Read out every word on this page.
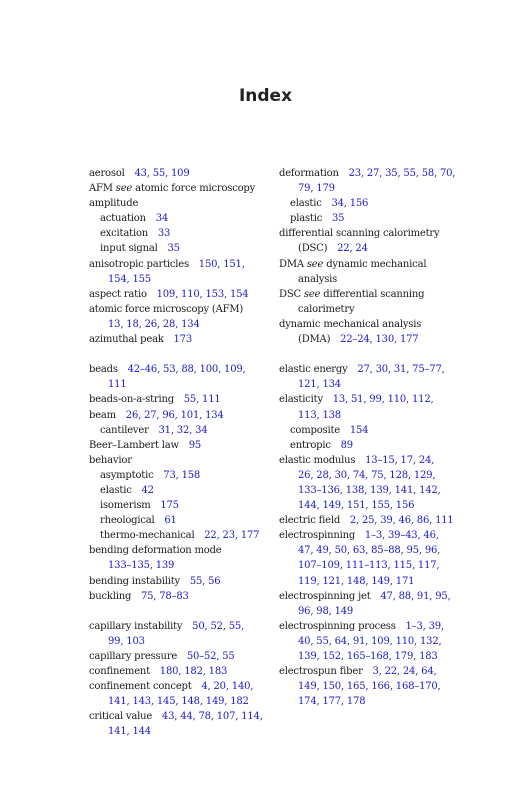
Index
aerosol  43, 55, 109
AFM see atomic force microscopy
amplitude
actuation  34
excitation  33
input signal  35
anisotropic particles  150, 151,
154, 155
aspect ratio  109, 110, 153, 154
atomic force microscopy (AFM)
13, 18, 26, 28, 134
azimuthal peak  173
beads  42–46, 53, 88, 100, 109,
111
beads-on-a-string  55, 111
beam  26, 27, 96, 101, 134
cantilever  31, 32, 34
Beer–Lambert law  95
behavior
asymptotic  73, 158
elastic  42
isomerism  175
rheological  61
thermo-mechanical  22, 23, 177
bending deformation mode
133–135, 139
bending instability  55, 56
buckling  75, 78–83
capillary instability  50, 52, 55,
99, 103
capillary pressure  50–52, 55
confinement  180, 182, 183
confinement concept  4, 20, 140,
141, 143, 145, 148, 149, 182
critical value  43, 44, 78, 107, 114,
141, 144
deformation  23, 27, 35, 55, 58, 70,
79, 179
elastic  34, 156
plastic  35
differential scanning calorimetry
(DSC)  22, 24
DMA see dynamic mechanical
analysis
DSC see differential scanning
calorimetry
dynamic mechanical analysis
(DMA)  22–24, 130, 177
elastic energy  27, 30, 31, 75–77,
121, 134
elasticity  13, 51, 99, 110, 112,
113, 138
composite  154
entropic  89
elastic modulus  13–15, 17, 24,
26, 28, 30, 74, 75, 128, 129,
133–136, 138, 139, 141, 142,
144, 149, 151, 155, 156
electric field  2, 25, 39, 46, 86, 111
electrospinning  1–3, 39–43, 46,
47, 49, 50, 63, 85–88, 95, 96,
107–109, 111–113, 115, 117,
119, 121, 148, 149, 171
electrospinning jet  47, 88, 91, 95,
96, 98, 149
electrospinning process  1–3, 39,
40, 55, 64, 91, 109, 110, 132,
139, 152, 165–168, 179, 183
electrospun fiber  3, 22, 24, 64,
149, 150, 165, 166, 168–170,
174, 177, 178
